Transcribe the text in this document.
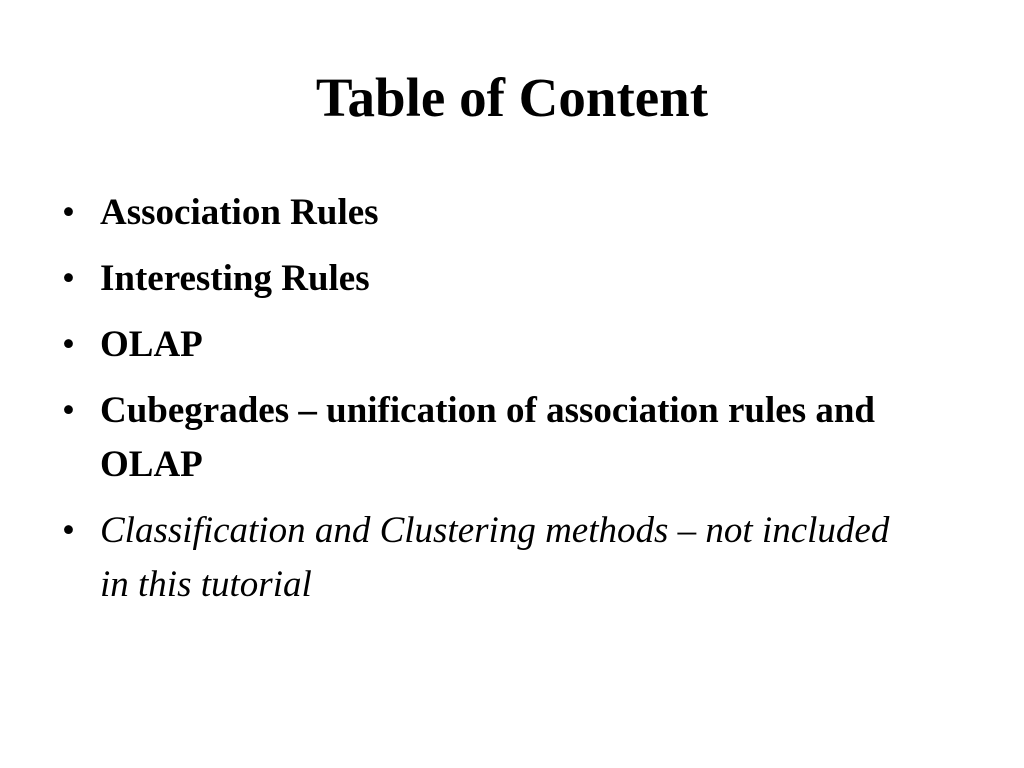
Table of Content
• Association Rules
• Interesting Rules
• OLAP
• Cubegrades – unification of association rules and OLAP
• Classification and Clustering methods – not included in this tutorial
